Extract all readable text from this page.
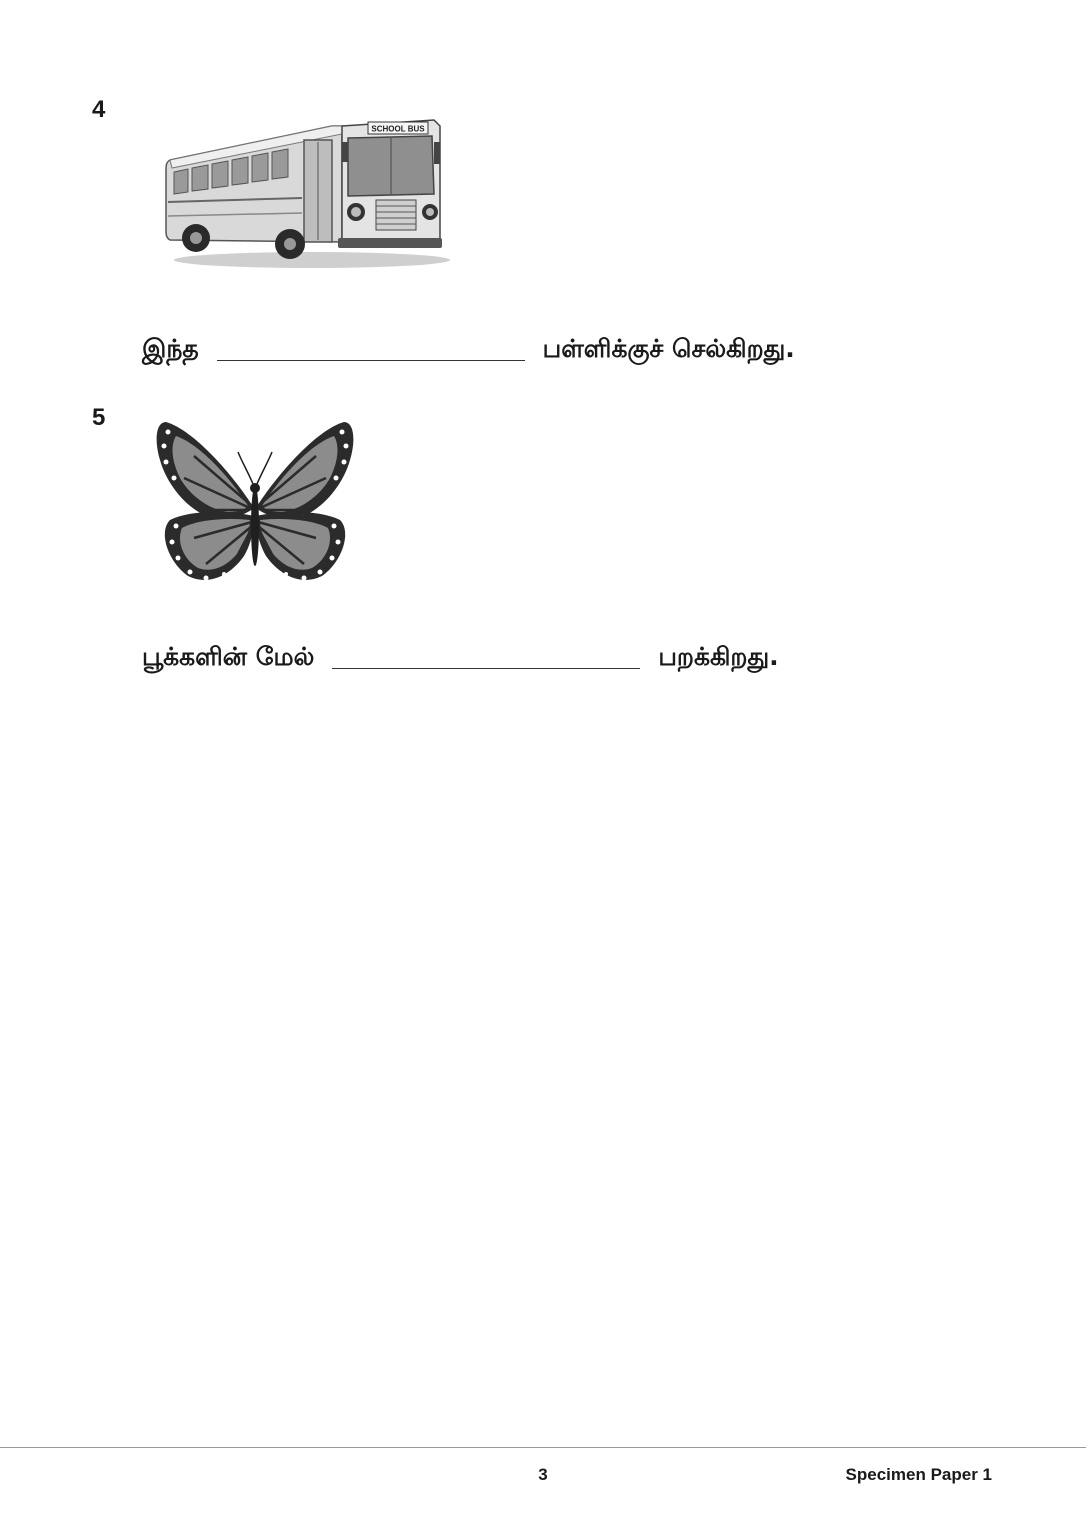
4
SCHOOL BUS
இந்த	பள்ளிக்குச் செல்கிறது.
5
பூக்களின் மேல்	பறக்கிறது.
3	Specimen Paper 1
